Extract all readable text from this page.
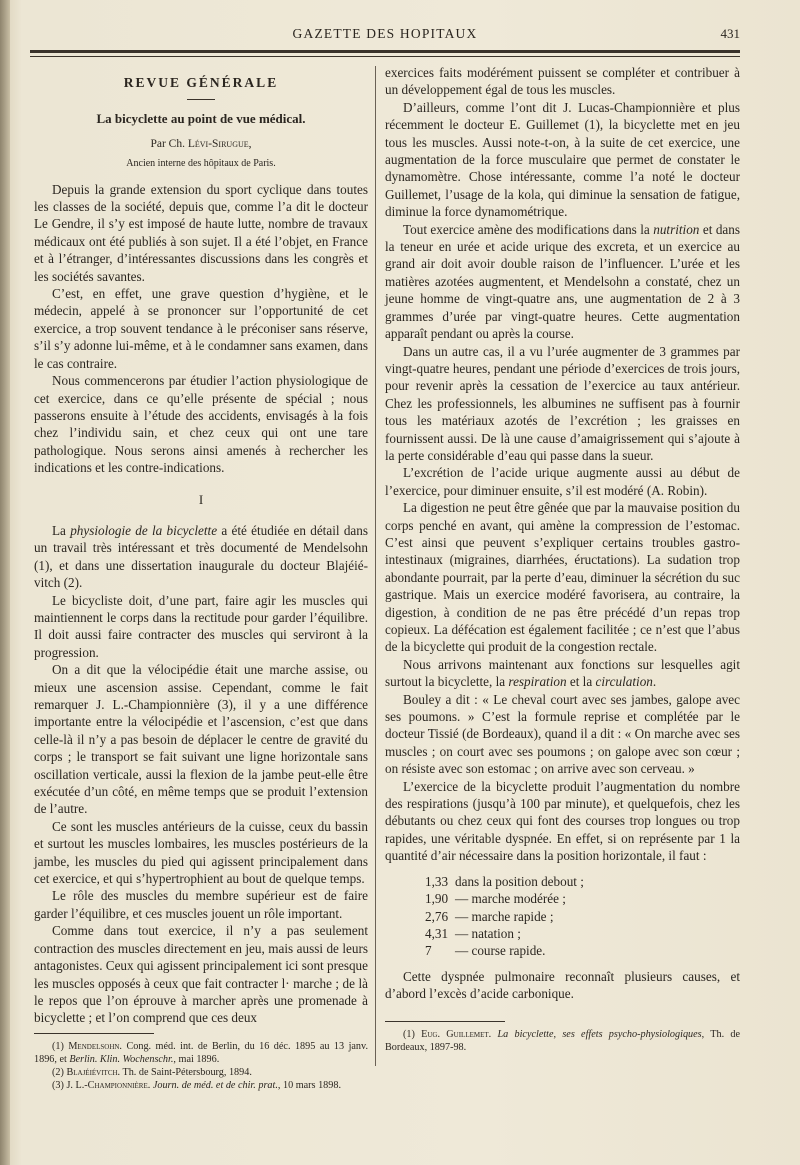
GAZETTE DES HOPITAUX	431
REVUE GÉNÉRALE
La bicyclette au point de vue médical.
Par Ch. Lévi-Sirugue,
Ancien interne des hôpitaux de Paris.

Depuis la grande extension du sport cyclique dans toutes les classes de la société, depuis que, comme l’a dit le docteur Le Gendre, il s’y est imposé de haute lutte, nombre de travaux médicaux ont été publiés à son sujet. Il a été l’objet, en France et à l’étranger, d’intéressantes discussions dans les congrès et les sociétés savantes.

C’est, en effet, une grave question d’hygiène, et le médecin, appelé à se prononcer sur l’opportunité de cet exercice, a trop souvent tendance à le préconiser sans réserve, s’il s’y adonne lui-même, et à le condamner sans examen, dans le cas contraire.

Nous commencerons par étudier l’action physiologique de cet exercice, dans ce qu’elle présente de spécial ; nous passerons ensuite à l’étude des accidents, envisagés à la fois chez l’individu sain, et chez ceux qui ont une tare pathologique. Nous serons ainsi amenés à rechercher les indications et les contre-indications.

I

La physiologie de la bicyclette a été étudiée en détail dans un travail très intéressant et très documenté de Mendelsohn (1), et dans une dissertation inaugurale du docteur Blajéié-vitch (2).

Le bicycliste doit, d’une part, faire agir les muscles qui maintiennent le corps dans la rectitude pour garder l’équilibre. Il doit aussi faire contracter des muscles qui serviront à la progression.

On a dit que la vélocipédie était une marche assise, ou mieux une ascension assise. Cependant, comme le fait remarquer J. L.-Championnière (3), il y a une différence importante entre la vélocipédie et l’ascension, c’est que dans celle-là il n’y a pas besoin de déplacer le centre de gravité du corps ; le transport se fait suivant une ligne horizontale sans oscillation verticale, aussi la flexion de la jambe peut-elle être exécutée d’un côté, en même temps que se produit l’extension de l’autre.

Ce sont les muscles antérieurs de la cuisse, ceux du bassin et surtout les muscles lombaires, les muscles postérieurs de la jambe, les muscles du pied qui agissent principalement dans cet exercice, et qui s’hypertrophient au bout de quelque temps.

Le rôle des muscles du membre supérieur est de faire garder l’équilibre, et ces muscles jouent un rôle important.

Comme dans tout exercice, il n’y a pas seulement contraction des muscles directement en jeu, mais aussi de leurs antagonistes. Ceux qui agissent principalement ici sont presque les muscles opposés à ceux que fait contracter l· marche ; de là le repos que l’on éprouve à marcher après une promenade à bicyclette ; et l’on comprend que ces deux

(1) Mendelsohn. Cong. méd. int. de Berlin, du 16 déc. 1895 au 13 janv. 1896, et Berlin. Klin. Wochenschr., mai 1896.

(2) Blajéiévitch. Th. de Saint-Pétersbourg, 1894.

(3) J. L.-Championnière. Journ. de méd. et de chir. prat., 10 mars 1898.

exercices faits modérément puissent se compléter et contribuer à un développement égal de tous les muscles.

D’ailleurs, comme l’ont dit J. Lucas-Championnière et plus récemment le docteur E. Guillemet (1), la bicyclette met en jeu tous les muscles. Aussi note-t-on, à la suite de cet exercice, une augmentation de la force musculaire que permet de constater le dynamomètre. Chose intéressante, comme l’a noté le docteur Guillemet, l’usage de la kola, qui diminue la sensation de fatigue, diminue la force dynamométrique.

Tout exercice amène des modifications dans la nutrition et dans la teneur en urée et acide urique des excreta, et un exercice au grand air doit avoir double raison de l’influencer. L’urée et les matières azotées augmentent, et Mendelsohn a constaté, chez un jeune homme de vingt-quatre ans, une augmentation de 2 à 3 grammes d’urée par vingt-quatre heures. Cette augmentation apparaît pendant ou après la course.

Dans un autre cas, il a vu l’urée augmenter de 3 grammes par vingt-quatre heures, pendant une période d’exercices de trois jours, pour revenir après la cessation de l’exercice au taux antérieur. Chez les professionnels, les albumines ne suffisent pas à fournir tous les matériaux azotés de l’excrétion ; les graisses en fournissent aussi. De là une cause d’amaigrissement qui s’ajoute à la perte considérable d’eau qui passe dans la sueur.

L’excrétion de l’acide urique augmente aussi au début de l’exercice, pour diminuer ensuite, s’il est modéré (A. Robin).

La digestion ne peut être gênée que par la mauvaise position du corps penché en avant, qui amène la compression de l’estomac. C’est ainsi que peuvent s’expliquer certains troubles gastro-intestinaux (migraines, diarrhées, éructations). La sudation trop abondante pourrait, par la perte d’eau, diminuer la sécrétion du suc gastrique. Mais un exercice modéré favorisera, au contraire, la digestion, à condition de ne pas être précédé d’un repas trop copieux. La défécation est également facilitée ; ce n’est que l’abus de la bicyclette qui produit de la congestion rectale.

Nous arrivons maintenant aux fonctions sur lesquelles agit surtout la bicyclette, la respiration et la circulation.

Bouley a dit : « Le cheval court avec ses jambes, galope avec ses poumons. » C’est la formule reprise et complétée par le docteur Tissié (de Bordeaux), quand il a dit : « On marche avec ses muscles ; on court avec ses poumons ; on galope avec son cœur ; on résiste avec son estomac ; on arrive avec son cerveau. »

L’exercice de la bicyclette produit l’augmentation du nombre des respirations (jusqu’à 100 par minute), et quelquefois, chez les débutants ou chez ceux qui font des courses trop longues ou trop rapides, une véritable dyspnée. En effet, si on représente par 1 la quantité d’air nécessaire dans la position horizontale, il faut :

1,33 dans la position debout ;
1,90 — marche modérée ;
2,76 — marche rapide ;
4,31 — natation ;
7	— course rapide.

Cette dyspnée pulmonaire reconnaît plusieurs causes, et d’abord l’excès d’acide carbonique.

(1) Eug. Guillemet. La bicyclette, ses effets psycho-physiologiques, Th. de Bordeaux, 1897-98.
